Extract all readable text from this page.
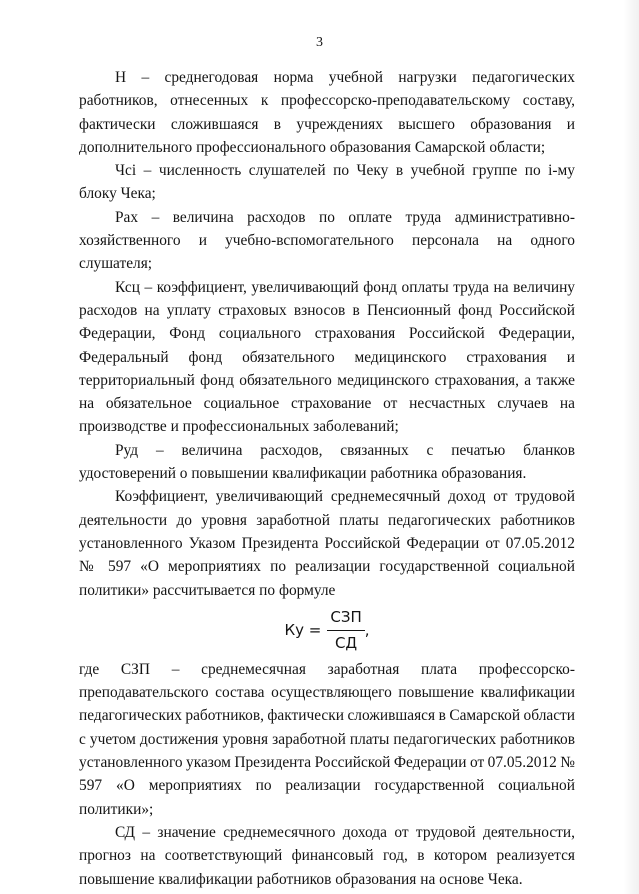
3

Н – среднегодовая норма учебной нагрузки педагогических работников, отнесенных к профессорско-преподавательскому составу, фактически сложившаяся в учреждениях высшего образования и дополнительного профессионального образования Самарской области;

Чсi – численность слушателей по Чеку в учебной группе по i-му блоку Чека;

Рах – величина расходов по оплате труда административно-хозяйственного и учебно-вспомогательного персонала на одного слушателя;

Ксц – коэффициент, увеличивающий фонд оплаты труда на величину расходов на уплату страховых взносов в Пенсионный фонд Российской Федерации, Фонд социального страхования Российской Федерации, Федеральный фонд обязательного медицинского страхования и территориальный фонд обязательного медицинского страхования, а также на обязательное социальное страхование от несчастных случаев на производстве и профессиональных заболеваний;

Руд – величина расходов, связанных с печатью бланков удостоверений о повышении квалификации работника образования.

Коэффициент, увеличивающий среднемесячный доход от трудовой деятельности до уровня заработной платы педагогических работников установленного Указом Президента Российской Федерации от 07.05.2012 № 597 «О мероприятиях по реализации государственной социальной политики» рассчитывается по формуле

Ку = $\frac{\text{СЗП}}{СД}$ ,

где СЗП – среднемесячная заработная плата профессорско-преподавательского состава осуществляющего повышение квалификации педагогических работников, фактически сложившаяся в Самарской области с учетом достижения уровня заработной платы педагогических работников установленного указом Президента Российской Федерации от 07.05.2012 № 597 «О мероприятиях по реализации государственной социальной политики»;

СД – значение среднемесячного дохода от трудовой деятельности, прогноз на соответствующий финансовый год, в котором реализуется повышение квалификации работников образования на основе Чека.
